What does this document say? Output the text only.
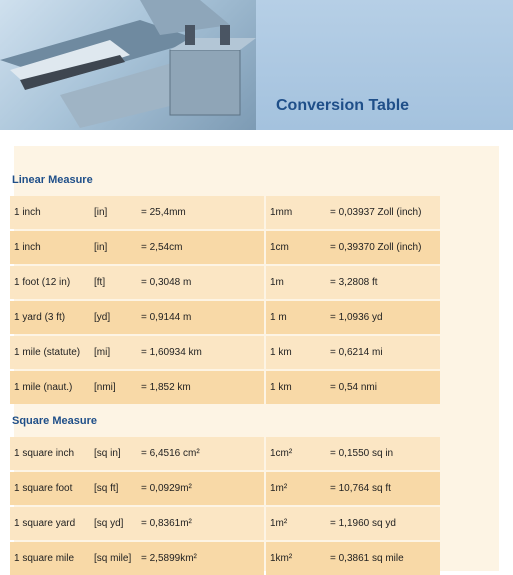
Conversion Table
Linear Measure
1 inch	[in]	= 25,4mm	1mm	= 0,03937 Zoll (inch)
1 inch	[in]	= 2,54cm	1cm	= 0,39370 Zoll (inch)
1 foot (12 in)	[ft]	= 0,3048 m	1m	= 3,2808 ft
1 yard (3 ft)	[yd]	= 0,9144 m	1 m	= 1,0936 yd
1 mile (statute)	[mi]	= 1,60934 km	1 km	= 0,6214 mi
1 mile (naut.)	[nmi]	= 1,852 km	1 km	= 0,54 nmi
Square Measure
1 square inch	[sq in]	= 6,4516 cm²	1cm²	= 0,1550 sq in
1 square foot	[sq ft]	= 0,0929m²	1m²	= 10,764 sq ft
1 square yard	[sq yd]	= 0,8361m²	1m²	= 1,1960 sq yd
1 square mile	[sq mile] = 2,5899km²	1km²	= 0,3861 sq mile
